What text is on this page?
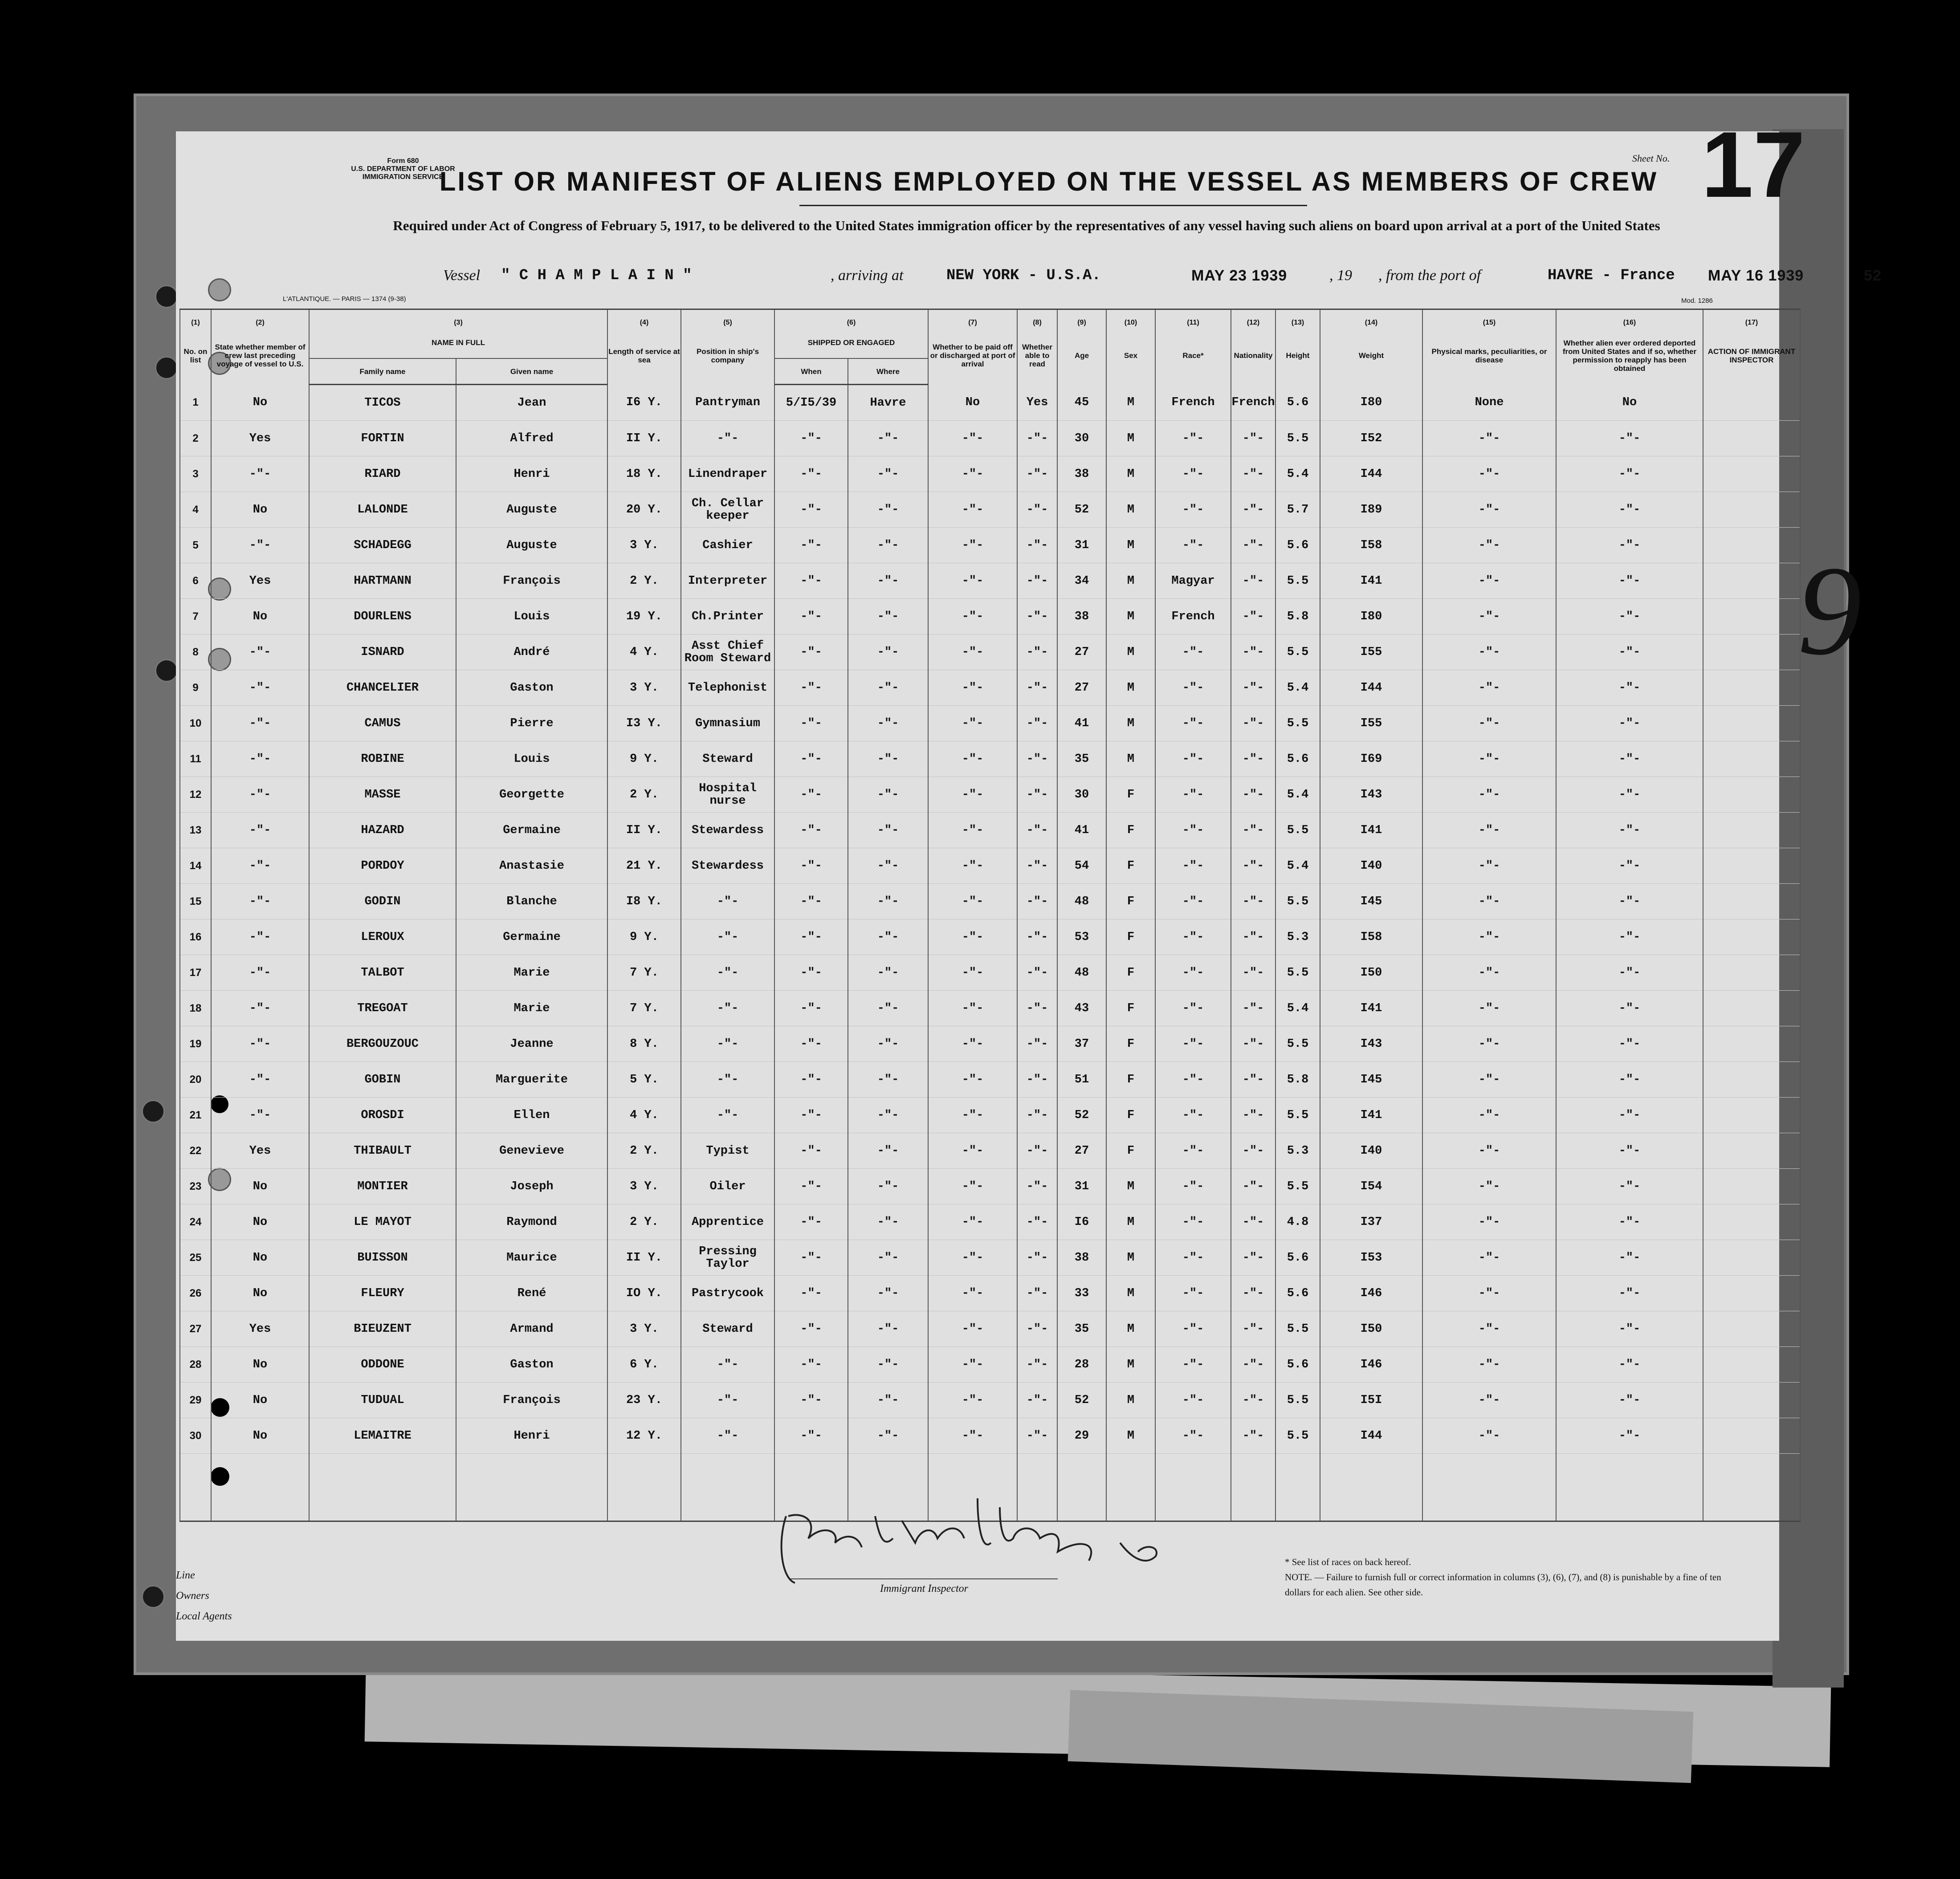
Form 680
U.S. DEPARTMENT OF LABOR
IMMIGRATION SERVICE
Sheet No. 17
LIST OR MANIFEST OF ALIENS EMPLOYED ON THE VESSEL AS MEMBERS OF CREW
Required under Act of Congress of February 5, 1917, to be delivered to the United States immigration officer by the representatives of any vessel having such aliens on board upon arrival at a port of the United States
Vessel " C H A M P L A I N "	, arriving at	NEW YORK - U.S.A.	MAY 23 1939	, 19 , from the port of	HAVRE - France MAY 16 1939	52
L'ATLANTIQUE. — PARIS — 1374 (9-38)	Mod. 1286
(1)	(2)	(3)		(4)	(5)	(6)		(7)	(8)	(9)	(10)	(11)	(12)	(13)	(14)	(15)	(16)	(17)
No. on list	State whether member of crew last preceding voyage of vessel to U.S.	NAME IN FULL		Length of service at sea	Position in ship's company	SHIPPED OR ENGAGED		Whether to be paid off or discharged at port of arrival	Whether able to read	Age	Sex	Race*	Nationality	Height	Weight	Physical marks, peculiarities, or disease	Whether alien ever ordered deported from United States and if so, whether permission to reapply has been obtained	ACTION OF IMMIGRANT INSPECTOR
		Family name	Given name			When	Where											
1	No	TICOS	Jean	I6 Y.	Pantryman	5/I5/39	Havre	No	Yes	45	M	French	French	5.6	I80	None	No	
2	Yes	FORTIN	Alfred	II Y.	-"-	-"-	-"-	-"-	-"-	30	M	-"-	-"-	5.5	I52	-"-	-"-	
3	-"-	RIARD	Henri	18 Y.	Linendraper	-"-	-"-	-"-	-"-	38	M	-"-	-"-	5.4	I44	-"-	-"-	
4	No	LALONDE	Auguste	20 Y.	Ch. Cellar
keeper	-"-	-"-	-"-	-"-	52	M	-"-	-"-	5.7	I89	-"-	-"-	
5	-"-	SCHADEGG	Auguste	3 Y.	Cashier	-"-	-"-	-"-	-"-	31	M	-"-	-"-	5.6	I58	-"-	-"-	
6	Yes	HARTMANN	François	2 Y.	Interpreter	-"-	-"-	-"-	-"-	34	M	Magyar	-"-	5.5	I41	-"-	-"-	
7	No	DOURLENS	Louis	19 Y.	Ch.Printer	-"-	-"-	-"-	-"-	38	M	French	-"-	5.8	I80	-"-	-"-	
8	-"-	ISNARD	André	4 Y.	Asst Chief
Room Steward	-"-	-"-	-"-	-"-	27	M	-"-	-"-	5.5	I55	-"-	-"-	
9	-"-	CHANCELIER	Gaston	3 Y.	Telephonist	-"-	-"-	-"-	-"-	27	M	-"-	-"-	5.4	I44	-"-	-"-	
10	-"-	CAMUS	Pierre	I3 Y.	Gymnasium	-"-	-"-	-"-	-"-	41	M	-"-	-"-	5.5	I55	-"-	-"-	
11	-"-	ROBINE	Louis	9 Y.	Steward	-"-	-"-	-"-	-"-	35	M	-"-	-"-	5.6	I69	-"-	-"-	
12	-"-	MASSE	Georgette	2 Y.	Hospital
nurse	-"-	-"-	-"-	-"-	30	F	-"-	-"-	5.4	I43	-"-	-"-	
13	-"-	HAZARD	Germaine	II Y.	Stewardess	-"-	-"-	-"-	-"-	41	F	-"-	-"-	5.5	I41	-"-	-"-	
14	-"-	PORDOY	Anastasie	21 Y.	Stewardess	-"-	-"-	-"-	-"-	54	F	-"-	-"-	5.4	I40	-"-	-"-	
15	-"-	GODIN	Blanche	I8 Y.	-"-	-"-	-"-	-"-	-"-	48	F	-"-	-"-	5.5	I45	-"-	-"-	
16	-"-	LEROUX	Germaine	9 Y.	-"-	-"-	-"-	-"-	-"-	53	F	-"-	-"-	5.3	I58	-"-	-"-	
17	-"-	TALBOT	Marie	7 Y.	-"-	-"-	-"-	-"-	-"-	48	F	-"-	-"-	5.5	I50	-"-	-"-	
18	-"-	TREGOAT	Marie	7 Y.	-"-	-"-	-"-	-"-	-"-	43	F	-"-	-"-	5.4	I41	-"-	-"-	
19	-"-	BERGOUZOUC	Jeanne	8 Y.	-"-	-"-	-"-	-"-	-"-	37	F	-"-	-"-	5.5	I43	-"-	-"-	
20	-"-	GOBIN	Marguerite	5 Y.	-"-	-"-	-"-	-"-	-"-	51	F	-"-	-"-	5.8	I45	-"-	-"-	
21	-"-	OROSDI	Ellen	4 Y.	-"-	-"-	-"-	-"-	-"-	52	F	-"-	-"-	5.5	I41	-"-	-"-	
22	Yes	THIBAULT	Genevieve	2 Y.	Typist	-"-	-"-	-"-	-"-	27	F	-"-	-"-	5.3	I40	-"-	-"-	
23	No	MONTIER	Joseph	3 Y.	Oiler	-"-	-"-	-"-	-"-	31	M	-"-	-"-	5.5	I54	-"-	-"-	
24	No	LE MAYOT	Raymond	2 Y.	Apprentice	-"-	-"-	-"-	-"-	I6	M	-"-	-"-	4.8	I37	-"-	-"-	
25	No	BUISSON	Maurice	II Y.	Pressing
Taylor	-"-	-"-	-"-	-"-	38	M	-"-	-"-	5.6	I53	-"-	-"-	
26	No	FLEURY	René	IO Y.	Pastrycook	-"-	-"-	-"-	-"-	33	M	-"-	-"-	5.6	I46	-"-	-"-	
27	Yes	BIEUZENT	Armand	3 Y.	Steward	-"-	-"-	-"-	-"-	35	M	-"-	-"-	5.5	I50	-"-	-"-	
28	No	ODDONE	Gaston	6 Y.	-"-	-"-	-"-	-"-	-"-	28	M	-"-	-"-	5.6	I46	-"-	-"-	
29	No	TUDUAL	François	23 Y.	-"-	-"-	-"-	-"-	-"-	52	M	-"-	-"-	5.5	I5I	-"-	-"-	
30	No	LEMAITRE	Henri	12 Y.	-"-	-"-	-"-	-"-	-"-	29	M	-"-	-"-	5.5	I44	-"-	-"-	

Immigrant Inspector
Line
Owners
Local Agents
* See list of races on back hereof.
NOTE. — Failure to furnish full or correct information in columns (3), (6), (7), and (8) is punishable by a fine of ten dollars for each alien. See other side.
9
